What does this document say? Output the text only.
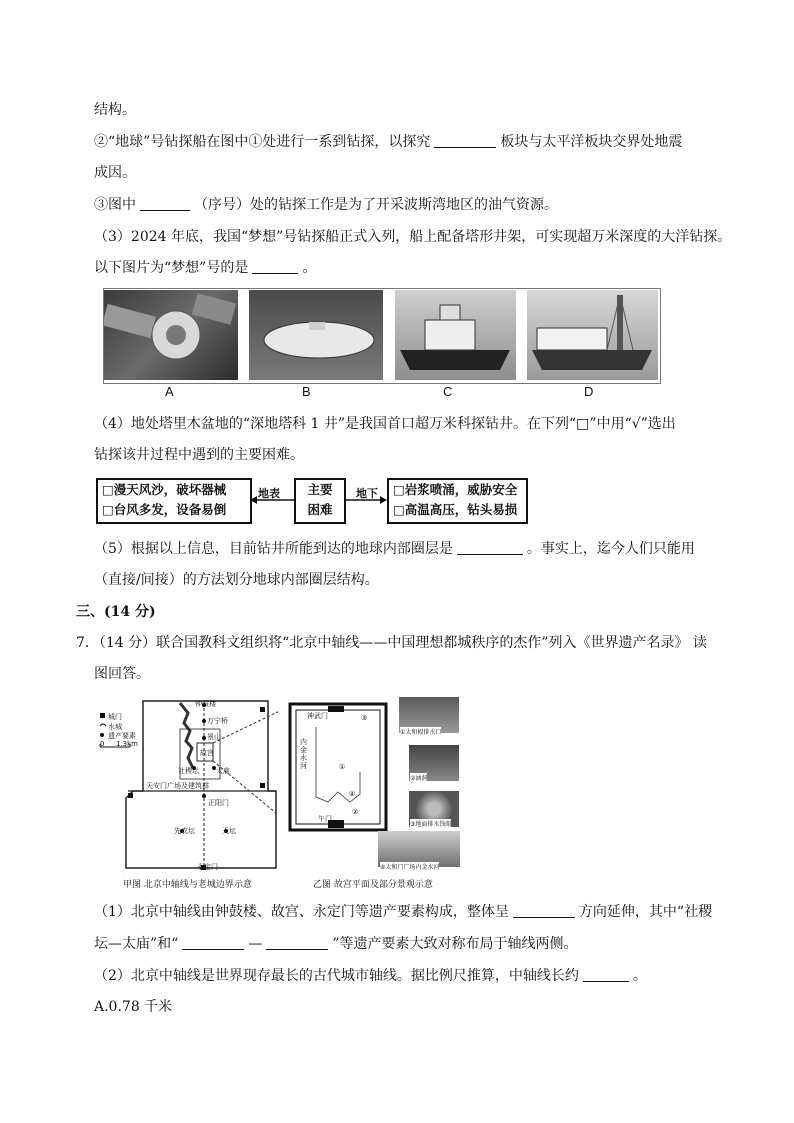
结构。
②“地球”号钻探船在图中①处进行一系到钻探，以探究	板块与太平洋板块交界处地震
成因。
③图中	（序号）处的钻探工作是为了开采波斯湾地区的油气资源。
（3）2024 年底，我国“梦想”号钻探船正式入列，船上配备塔形井架，可实现超万米深度的大洋钻探。
以下图片为“梦想”号的是	。
A	B	C	D
（4）地处塔里木盆地的“深地塔科 1 井”是我国首口超万米科探钻井。在下列“□”中用“√”选出
钻探该井过程中遇到的主要困难。
□漫天风沙，破坏器械
□台风多发，设备易倒
主要
困难
□岩浆喷涌，威胁安全
□高温高压，钻头易损
地表	地下
（5）根据以上信息，目前钻井所能到达的地球内部圈层是	。事实上，迄今人们只能用
（直接/间接）的方法划分地球内部圈层结构。
三、(14 分)
7．（14 分）联合国教科文组织将“北京中轴线——中国理想都城秩序的杰作”列入《世界遗产名录》 读
图回答。
城门
水城
遗产要素
0 1.3km
钟鼓楼
万宁桥
景山
故宫
社稷坛 太庙
天安门广场及建筑群
正阳门
先农坛	天坛
永定门
神武门
内金水河
午门
③
①
④
②
①太和殿排水口
②涵洞
③地面排水钱眼
④太和门广场内金水河
甲图 北京中轴线与老城边界示意	乙图 故宫平面及部分景观示意
（1）北京中轴线由钟鼓楼、故宫、永定门等遗产要素构成，整体呈	方向延伸，其中“社稷
坛—太庙”和“	—	”等遗产要素大致对称布局于轴线两侧。
（2）北京中轴线是世界现存最长的古代城市轴线。据比例尺推算，中轴线长约	。
A.0.78 千米
